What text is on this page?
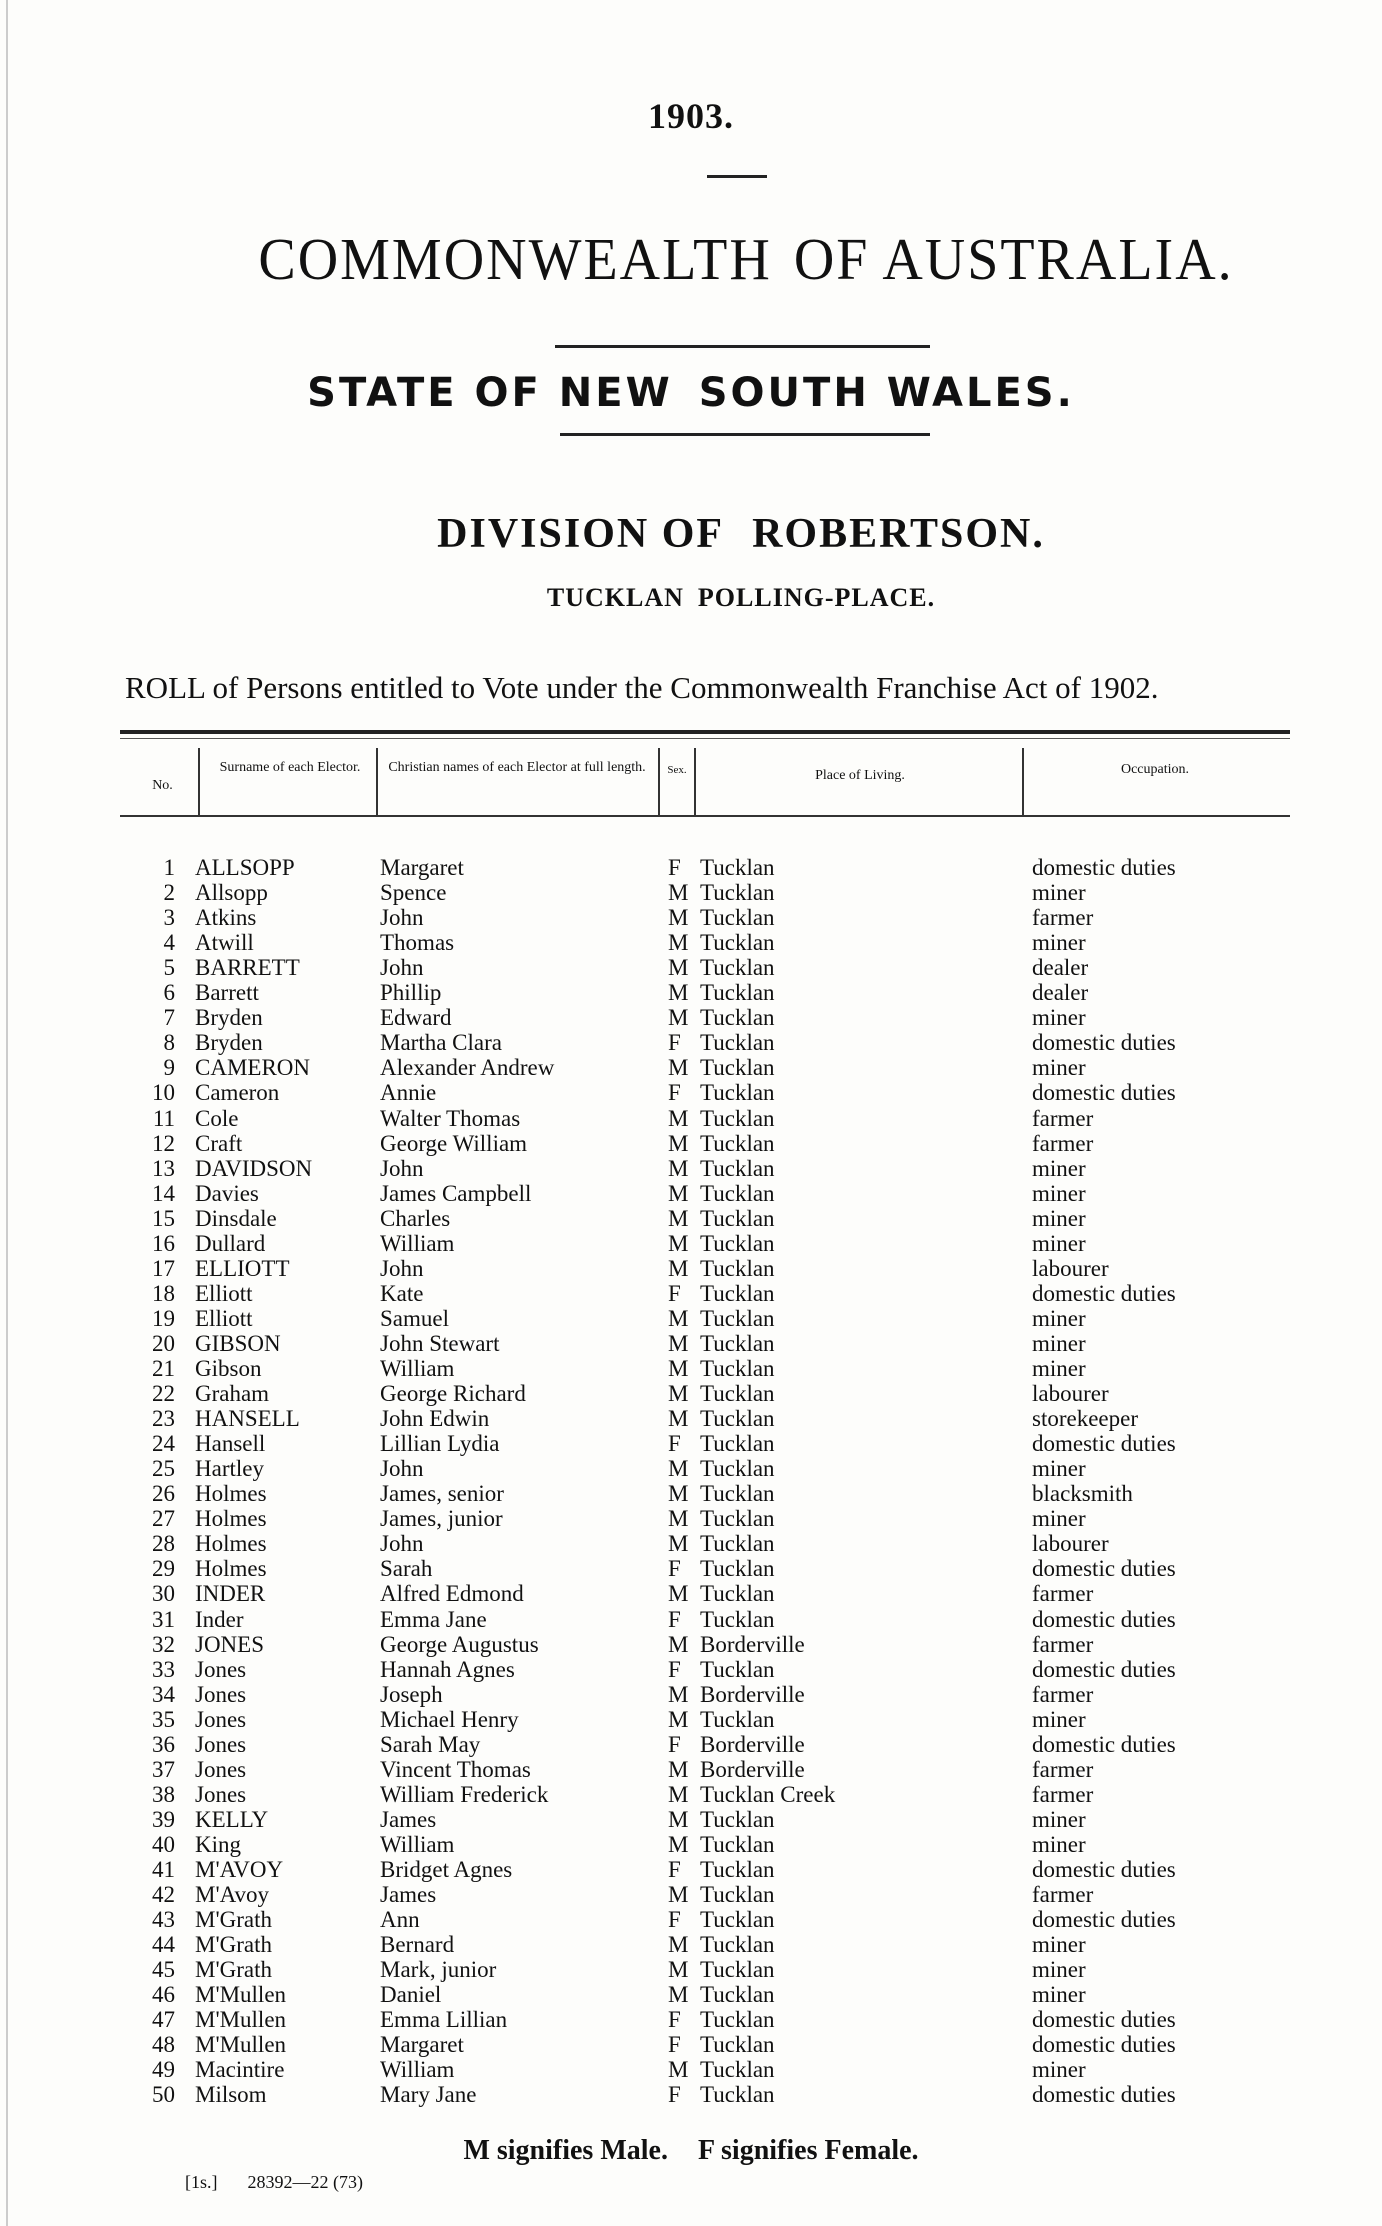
1903.
COMMONWEALTH OF AUSTRALIA.
STATE OF NEW SOUTH WALES.
DIVISION OF ROBERTSON.
TUCKLAN POLLING-PLACE.
ROLL of Persons entitled to Vote under the Commonwealth Franchise Act of 1902.
No.
Surname of each Elector.	Christian names of each Elector at full length.	Sex.	Place of Living.	Occupation.
1 ALLSOPP	Margaret	F Tucklan	domestic duties
2 Allsopp	Spence	M Tucklan	miner
3 Atkins	John	M Tucklan	farmer
4 Atwill	Thomas	M Tucklan	miner
5 BARRETT	John	M Tucklan	dealer
6 Barrett	Phillip	M Tucklan	dealer
7 Bryden	Edward	M Tucklan	miner
8 Bryden	Martha Clara	F Tucklan	domestic duties
9 CAMERON	Alexander Andrew	M Tucklan	miner
10 Cameron	Annie	F Tucklan	domestic duties
11 Cole	Walter Thomas	M Tucklan	farmer
12 Craft	George William	M Tucklan	farmer
13 DAVIDSON	John	M Tucklan	miner
14 Davies	James Campbell	M Tucklan	miner
15 Dinsdale	Charles	M Tucklan	miner
16 Dullard	William	M Tucklan	miner
17 ELLIOTT	John	M Tucklan	labourer
18 Elliott	Kate	F Tucklan	domestic duties
19 Elliott	Samuel	M Tucklan	miner
20 GIBSON	John Stewart	M Tucklan	miner
21 Gibson	William	M Tucklan	miner
22 Graham	George Richard	M Tucklan	labourer
23 HANSELL	John Edwin	M Tucklan	storekeeper
24 Hansell	Lillian Lydia	F Tucklan	domestic duties
25 Hartley	John	M Tucklan	miner
26 Holmes	James, senior	M Tucklan	blacksmith
27 Holmes	James, junior	M Tucklan	miner
28 Holmes	John	M Tucklan	labourer
29 Holmes	Sarah	F Tucklan	domestic duties
30 INDER	Alfred Edmond	M Tucklan	farmer
31 Inder	Emma Jane	F Tucklan	domestic duties
32 JONES	George Augustus	M Borderville	farmer
33 Jones	Hannah Agnes	F Tucklan	domestic duties
34 Jones	Joseph	M Borderville	farmer
35 Jones	Michael Henry	M Tucklan	miner
36 Jones	Sarah May	F Borderville	domestic duties
37 Jones	Vincent Thomas	M Borderville	farmer
38 Jones	William Frederick	M Tucklan Creek	farmer
39 KELLY	James	M Tucklan	miner
40 King	William	M Tucklan	miner
41 M'AVOY	Bridget Agnes	F Tucklan	domestic duties
42 M'Avoy	James	M Tucklan	farmer
43 M'Grath	Ann	F Tucklan	domestic duties
44 M'Grath	Bernard	M Tucklan	miner
45 M'Grath	Mark, junior	M Tucklan	miner
46 M'Mullen	Daniel	M Tucklan	miner
47 M'Mullen	Emma Lillian	F Tucklan	domestic duties
48 M'Mullen	Margaret	F Tucklan	domestic duties
49 Macintire	William	M Tucklan	miner
50 Milsom	Mary Jane	F Tucklan	domestic duties
M signifies Male. F signifies Female.
[1s.] 28392—22 (73)
